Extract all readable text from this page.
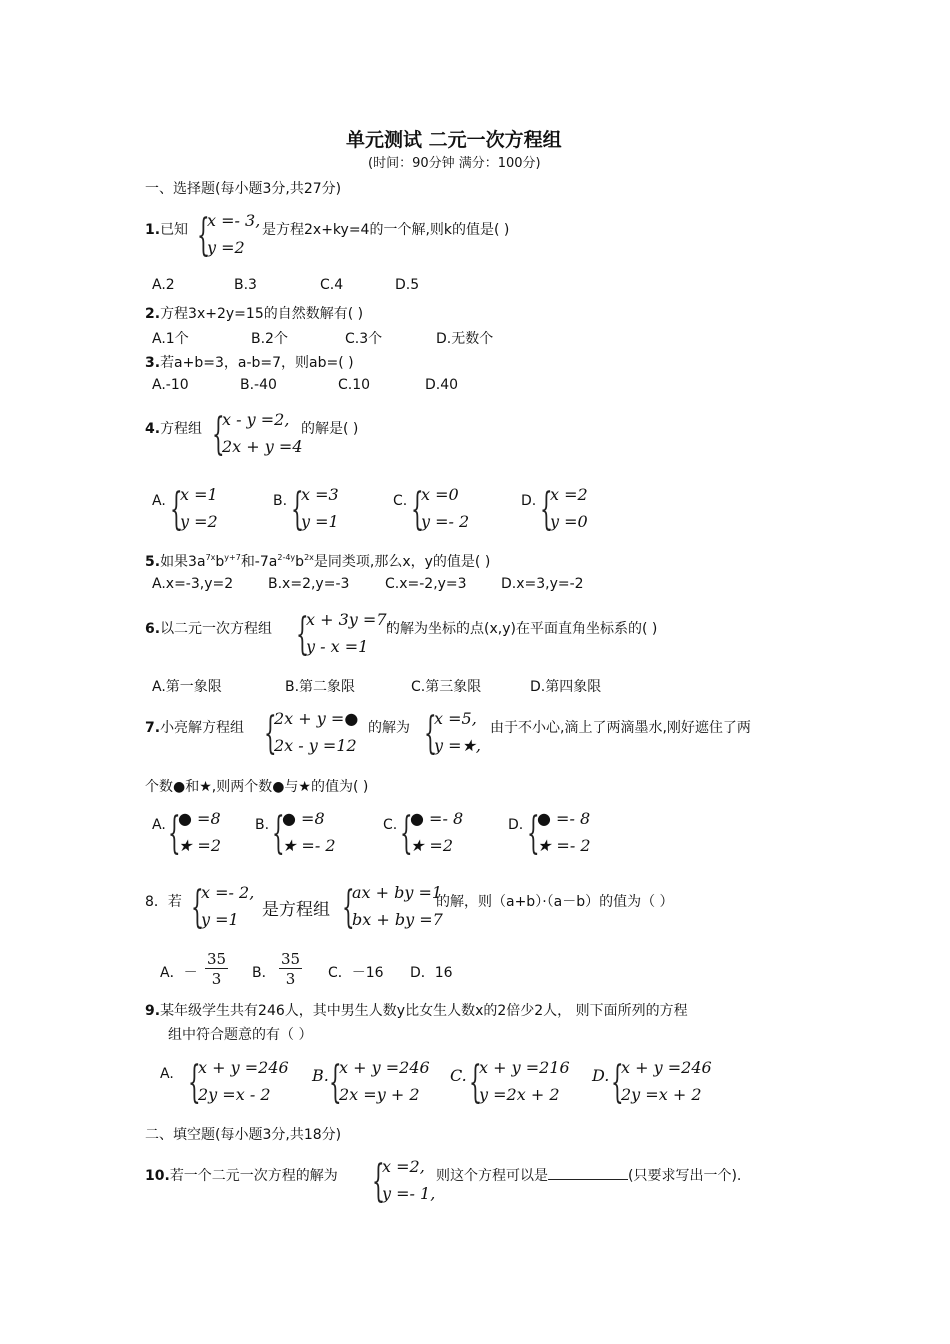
单元测试 二元一次方程组
(时间：90分钟 满分：100分)
一、选择题(每小题3分,共27分)
1.已知 {
x =- 3,
y =2
是方程2x+ky=4的一个解,则k的值是( )
A.2	B.3	C.4	D.5
2.方程3x+2y=15的自然数解有( )
A.1个	B.2个	C.3个	D.无数个
3.若a+b=3，a-b=7，则ab=( )
A.-10	B.-40	C.10	D.40
4.方程组 {
x - y =2,
2x + y =4
的解是( )
A. {
x =1
y =2
B. {
x =3
y =1
C. {
x =0
y =- 2
D. {
x =2
y =0
5.如果$3a^{7x}b^{y+7}$和$-7a^{2-4y}b^{2x}$是同类项,那么x，y的值是( )
A.x=-3,y=2 B.x=2,y=-3	C.x=-2,y=3 D.x=3,y=-2
6.以二元一次方程组 {
x + 3y =7,
y - x =1
的解为坐标的点(x,y)在平面直角坐标系的( )
A.第一象限	B.第二象限	C.第三象限	D.第四象限
7.小亮解方程组 {
2x + y =●
2x - y =12
的解为 {
x =5,
y =★,
由于不小心,滴上了两滴墨水,刚好遮住了两
个数●和★,则两个数●与★的值为( )
A. {
● =8
★ =2
B. {
● =8
★ =- 2
C. {
● =- 8
★ =2
D. {
● =- 8
★ =- 2
8．若 {
x =- 2,
y =1 是方程组 {
ax + by =1
bx + by =7
的解，则（a+b）·（a－b）的值为（ ）
A．－ $\frac{35}{3}$ B． $\frac{35}{3}$ C．－16 D．16
9.某年级学生共有246人，其中男生人数y比女生人数x的2倍少2人， 则下面所列的方程
组中符合题意的有（ ）
A. {
x + y =246
2y =x - 2
B. {
x + y =246
2x =y + 2
C. {
x + y =216
y =2x + 2
D. {
x + y =246
2y =x + 2
二、填空题(每小题3分,共18分)
10.若一个二元一次方程的解为 {
x =2,
y =- 1,
则这个方程可以是	(只要求写出一个).
